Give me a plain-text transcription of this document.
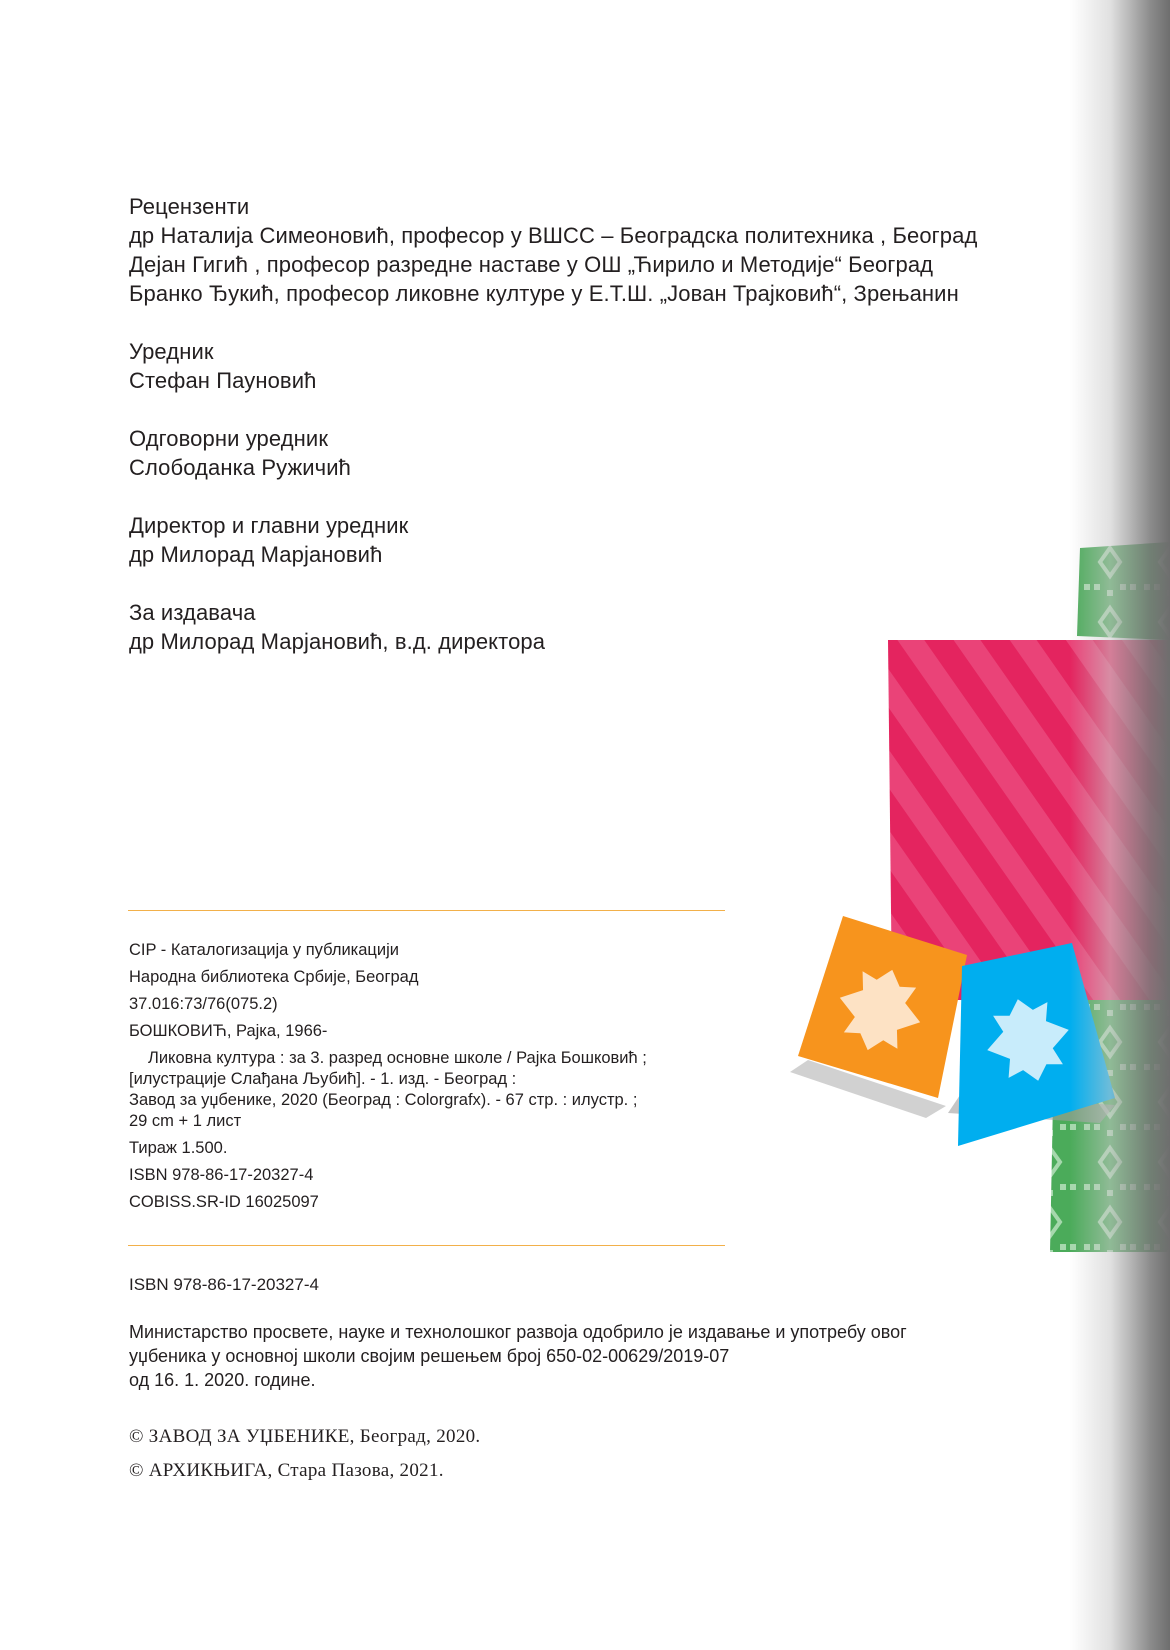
Рецензенти
др Наталија Симеоновић, професор у ВШСС – Београдска политехника , Београд
Дејан Гигић , професор разредне наставе у ОШ „Ћирило и Методије“ Београд
Бранко Ђукић, професор ликовне културе у Е.Т.Ш. „Јован Трајковић“, Зрењанин
Уредник
Стефан Пауновић
Одговорни уредник
Слободанка Ружичић
Директор и главни уредник
др Милорад Марјановић
За издавача
др Милорад Марјановић, в.д. директора
CIP - Каталогизација у публикацији
Народна библиотека Србије, Београд
37.016:73/76(075.2)
БОШКОВИЋ, Рајка, 1966-
Ликовна култура : за 3. разред основне школе / Рајка Бошковић ;
[илустрације Слађана Љубић]. - 1. изд. - Београд :
Завод за уџбенике, 2020 (Београд : Colorgrafx). - 67 стр. : илустр. ;
29 cm + 1 лист
Тираж 1.500.
ISBN 978-86-17-20327-4
COBISS.SR-ID 16025097
ISBN 978-86-17-20327-4
Министарство просвете, науке и технолошког развоја одобрило је издавање и употребу овог
уџбеника у основној школи својим решењем број 650-02-00629/2019-07
од 16. 1. 2020. године.
© ЗАВОД ЗА УЏБЕНИКЕ, Београд, 2020.
© АРХИКЊИГА, Стара Пазова, 2021.
